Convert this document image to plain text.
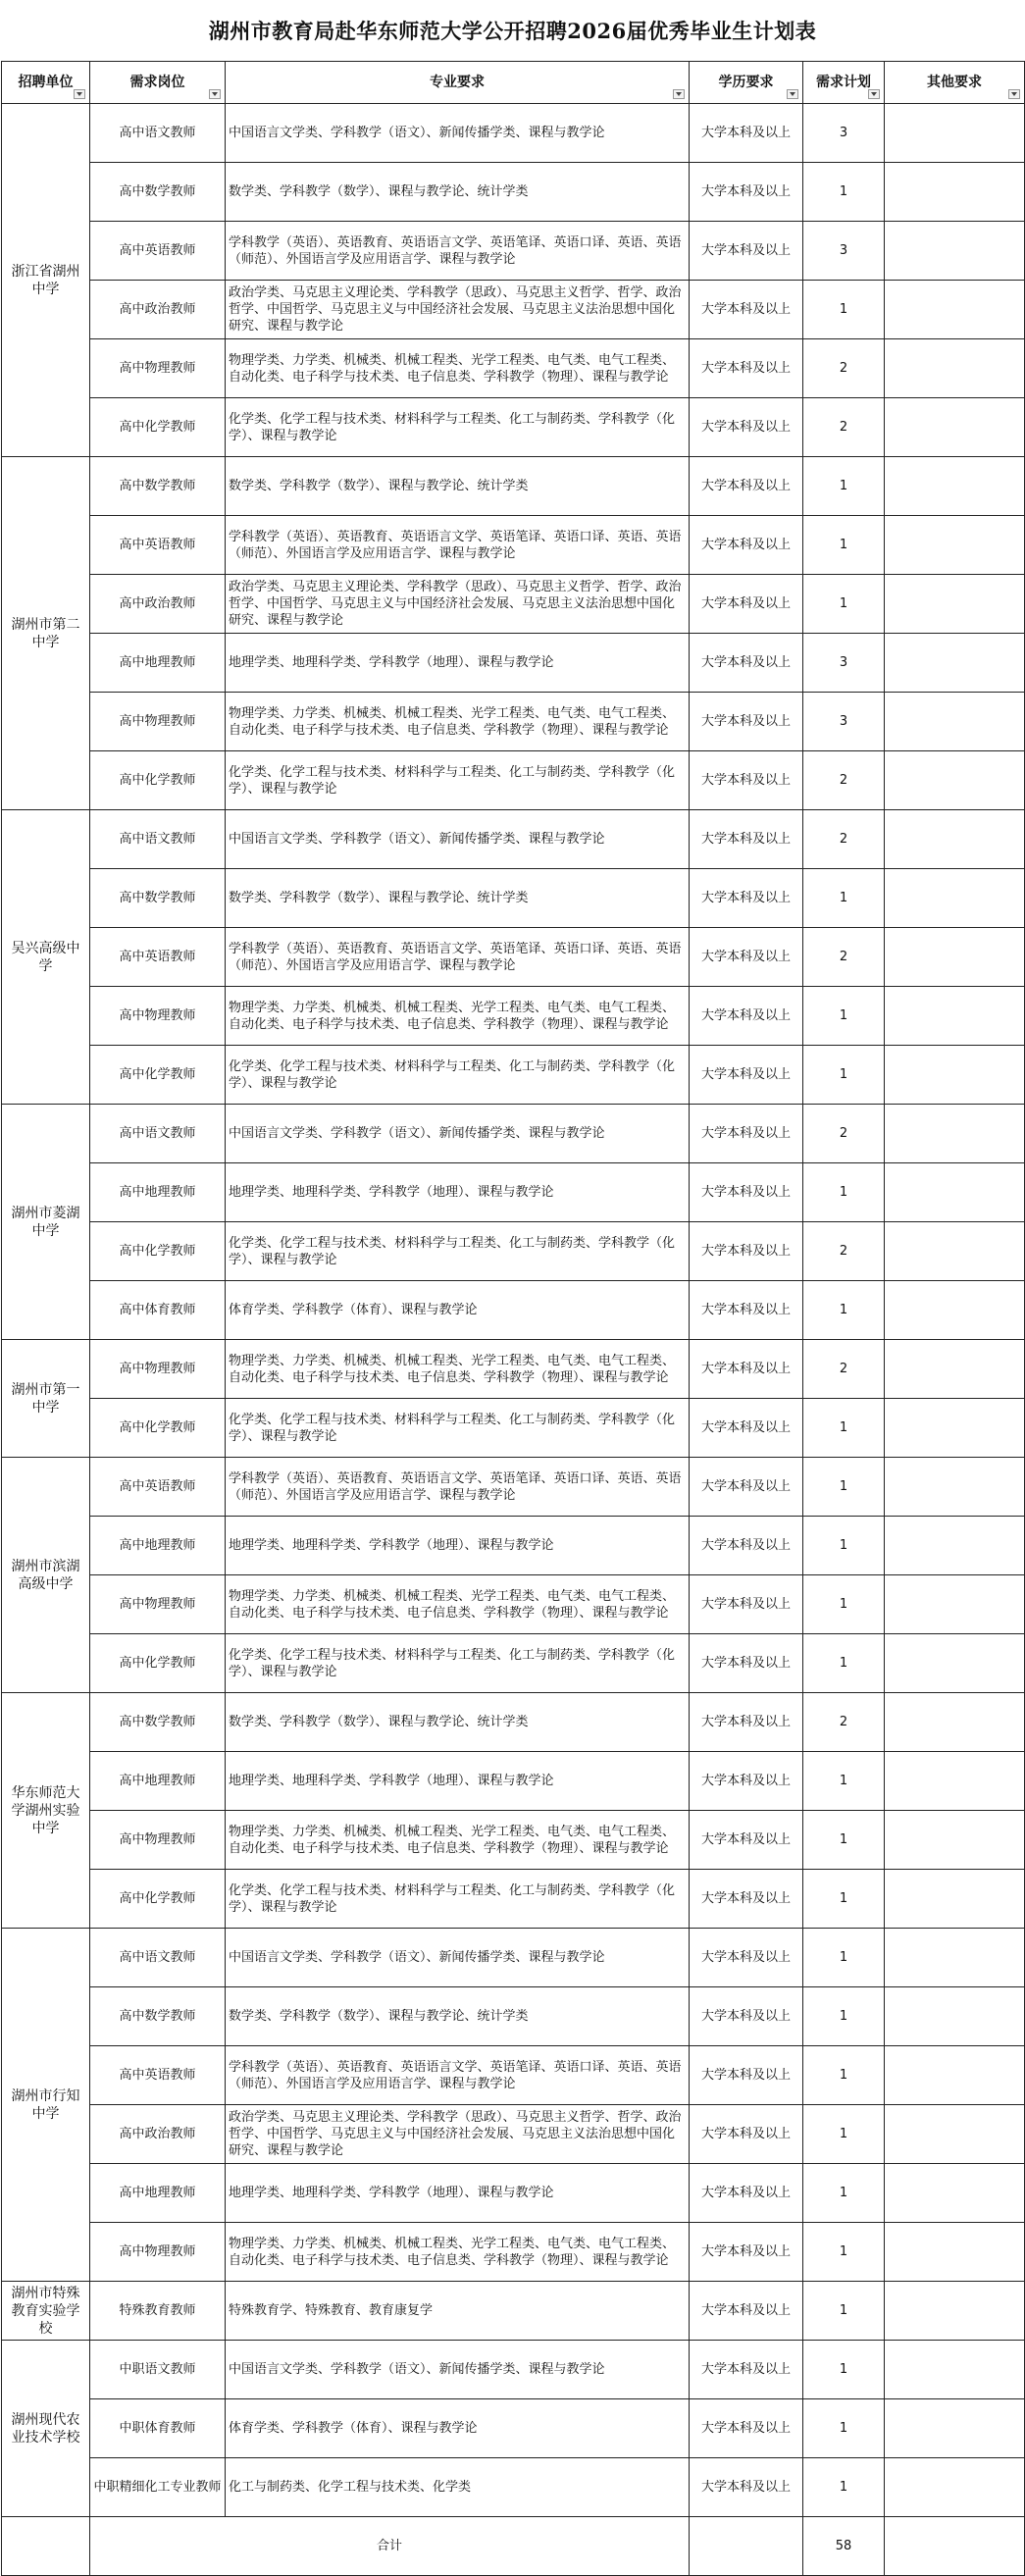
湖州市教育局赴华东师范大学公开招聘2026届优秀毕业生计划表
招聘单位	需求岗位	专业要求	学历要求	需求计划	其他要求

浙江省湖州中学	高中语文教师	中国语言文学类、学科教学（语文）、新闻传播学类、课程与教学论	大学本科及以上	3	
	高中数学教师	数学类、学科教学（数学）、课程与教学论、统计学类	大学本科及以上	1	
	高中英语教师	学科教学（英语）、英语教育、英语语言文学、英语笔译、英语口译、英语、英语（师范）、外国语言学及应用语言学、课程与教学论	大学本科及以上	3	
	高中政治教师	政治学类、马克思主义理论类、学科教学（思政）、马克思主义哲学、哲学、政治哲学、中国哲学、马克思主义与中国经济社会发展、马克思主义法治思想中国化研究、课程与教学论	大学本科及以上	1	
	高中物理教师	物理学类、力学类、机械类、机械工程类、光学工程类、电气类、电气工程类、自动化类、电子科学与技术类、电子信息类、学科教学（物理）、课程与教学论	大学本科及以上	2	
	高中化学教师	化学类、化学工程与技术类、材料科学与工程类、化工与制药类、学科教学（化学）、课程与教学论	大学本科及以上	2	
湖州市第二中学	高中数学教师	数学类、学科教学（数学）、课程与教学论、统计学类	大学本科及以上	1	
	高中英语教师	学科教学（英语）、英语教育、英语语言文学、英语笔译、英语口译、英语、英语（师范）、外国语言学及应用语言学、课程与教学论	大学本科及以上	1	
	高中政治教师	政治学类、马克思主义理论类、学科教学（思政）、马克思主义哲学、哲学、政治哲学、中国哲学、马克思主义与中国经济社会发展、马克思主义法治思想中国化研究、课程与教学论	大学本科及以上	1	
	高中地理教师	地理学类、地理科学类、学科教学（地理）、课程与教学论	大学本科及以上	3	
	高中物理教师	物理学类、力学类、机械类、机械工程类、光学工程类、电气类、电气工程类、自动化类、电子科学与技术类、电子信息类、学科教学（物理）、课程与教学论	大学本科及以上	3	
	高中化学教师	化学类、化学工程与技术类、材料科学与工程类、化工与制药类、学科教学（化学）、课程与教学论	大学本科及以上	2	
吴兴高级中学	高中语文教师	中国语言文学类、学科教学（语文）、新闻传播学类、课程与教学论	大学本科及以上	2	
	高中数学教师	数学类、学科教学（数学）、课程与教学论、统计学类	大学本科及以上	1	
	高中英语教师	学科教学（英语）、英语教育、英语语言文学、英语笔译、英语口译、英语、英语（师范）、外国语言学及应用语言学、课程与教学论	大学本科及以上	2	
	高中物理教师	物理学类、力学类、机械类、机械工程类、光学工程类、电气类、电气工程类、自动化类、电子科学与技术类、电子信息类、学科教学（物理）、课程与教学论	大学本科及以上	1	
	高中化学教师	化学类、化学工程与技术类、材料科学与工程类、化工与制药类、学科教学（化学）、课程与教学论	大学本科及以上	1	
湖州市菱湖中学	高中语文教师	中国语言文学类、学科教学（语文）、新闻传播学类、课程与教学论	大学本科及以上	2	
	高中地理教师	地理学类、地理科学类、学科教学（地理）、课程与教学论	大学本科及以上	1	
	高中化学教师	化学类、化学工程与技术类、材料科学与工程类、化工与制药类、学科教学（化学）、课程与教学论	大学本科及以上	2	
	高中体育教师	体育学类、学科教学（体育）、课程与教学论	大学本科及以上	1	
湖州市第一中学	高中物理教师	物理学类、力学类、机械类、机械工程类、光学工程类、电气类、电气工程类、自动化类、电子科学与技术类、电子信息类、学科教学（物理）、课程与教学论	大学本科及以上	2	
	高中化学教师	化学类、化学工程与技术类、材料科学与工程类、化工与制药类、学科教学（化学）、课程与教学论	大学本科及以上	1	
湖州市滨湖高级中学	高中英语教师	学科教学（英语）、英语教育、英语语言文学、英语笔译、英语口译、英语、英语（师范）、外国语言学及应用语言学、课程与教学论	大学本科及以上	1	
	高中地理教师	地理学类、地理科学类、学科教学（地理）、课程与教学论	大学本科及以上	1	
	高中物理教师	物理学类、力学类、机械类、机械工程类、光学工程类、电气类、电气工程类、自动化类、电子科学与技术类、电子信息类、学科教学（物理）、课程与教学论	大学本科及以上	1	
	高中化学教师	化学类、化学工程与技术类、材料科学与工程类、化工与制药类、学科教学（化学）、课程与教学论	大学本科及以上	1	
华东师范大学湖州实验中学	高中数学教师	数学类、学科教学（数学）、课程与教学论、统计学类	大学本科及以上	2	
	高中地理教师	地理学类、地理科学类、学科教学（地理）、课程与教学论	大学本科及以上	1	
	高中物理教师	物理学类、力学类、机械类、机械工程类、光学工程类、电气类、电气工程类、自动化类、电子科学与技术类、电子信息类、学科教学（物理）、课程与教学论	大学本科及以上	1	
	高中化学教师	化学类、化学工程与技术类、材料科学与工程类、化工与制药类、学科教学（化学）、课程与教学论	大学本科及以上	1	
湖州市行知中学	高中语文教师	中国语言文学类、学科教学（语文）、新闻传播学类、课程与教学论	大学本科及以上	1	
	高中数学教师	数学类、学科教学（数学）、课程与教学论、统计学类	大学本科及以上	1	
	高中英语教师	学科教学（英语）、英语教育、英语语言文学、英语笔译、英语口译、英语、英语（师范）、外国语言学及应用语言学、课程与教学论	大学本科及以上	1	
	高中政治教师	政治学类、马克思主义理论类、学科教学（思政）、马克思主义哲学、哲学、政治哲学、中国哲学、马克思主义与中国经济社会发展、马克思主义法治思想中国化研究、课程与教学论	大学本科及以上	1	
	高中地理教师	地理学类、地理科学类、学科教学（地理）、课程与教学论	大学本科及以上	1	
	高中物理教师	物理学类、力学类、机械类、机械工程类、光学工程类、电气类、电气工程类、自动化类、电子科学与技术类、电子信息类、学科教学（物理）、课程与教学论	大学本科及以上	1	
湖州市特殊教育实验学校	特殊教育教师	特殊教育学、特殊教育、教育康复学	大学本科及以上	1	
湖州现代农业技术学校	中职语文教师	中国语言文学类、学科教学（语文）、新闻传播学类、课程与教学论	大学本科及以上	1	
	中职体育教师	体育学类、学科教学（体育）、课程与教学论	大学本科及以上	1	
	中职精细化工专业教师	化工与制药类、化学工程与技术类、化学类	大学本科及以上	1	
	合计			58	
